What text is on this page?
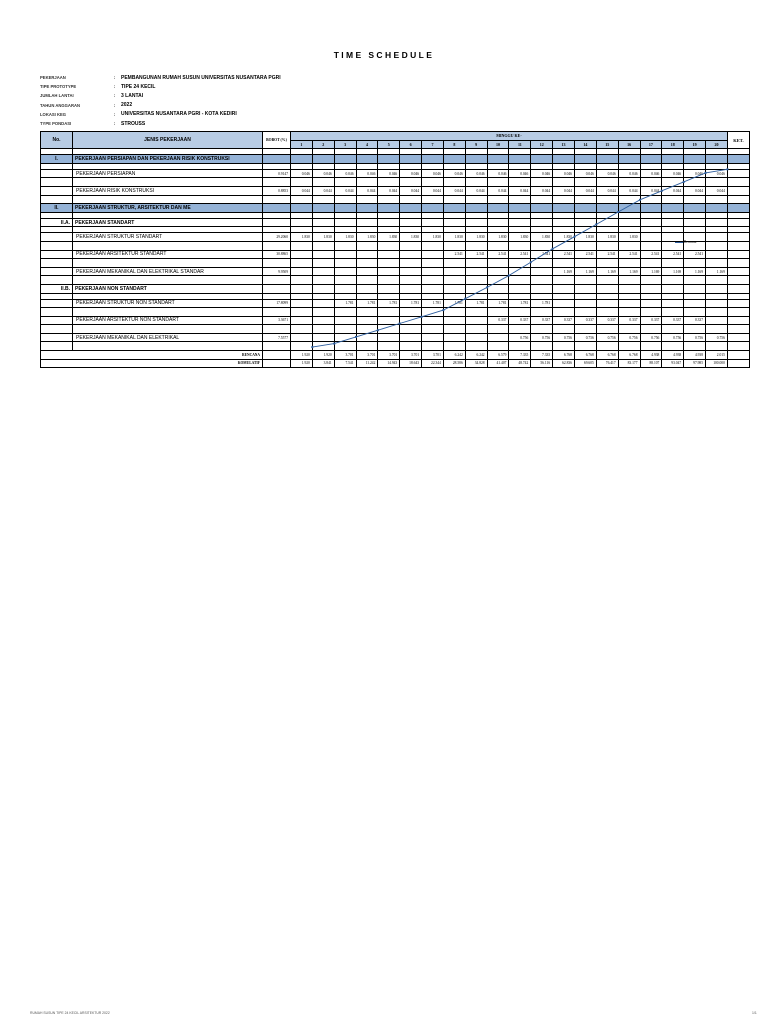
TIME SCHEDULE
PEKERJAAN	:	PEMBANGUNAN RUMAH SUSUN UNIVERSITAS NUSANTARA PGRI
TIPE PROTOTYPE	:	TIPE 24 KECIL
JUMLAH LANTAI	:	3 LANTAI
TAHUN ANGGARAN	:	2022
LOKASI KEG	:	UNIVERSITAS NUSANTARA PGRI - KOTA KEDIRI
TYPE PONDASI	:	STROUSS
No.	JENIS PEKERJAAN	BOBOT (%)	MINGGU KE-																				KET.
			1	2	3	4	5	6	7	8	9	10	11	12	13	14	15	16	17	18	19	20	

I.	PEKERJAAN PERSIAPAN DAN PEKERJAAN RISIK KONSTRUKSI																						

	PEKERJAAN PERSIAPAN	0.9147	0.046	0.046	0.046	0.046	0.046	0.046	0.046	0.046	0.046	0.046	0.046	0.046	0.046	0.046	0.046	0.046	0.046	0.046	0.046	0.046	

	PEKERJAAN RISIK KONSTRUKSI	0.8853	0.044	0.044	0.044	0.044	0.044	0.044	0.044	0.044	0.044	0.044	0.044	0.044	0.044	0.044	0.044	0.044	0.044	0.044	0.044	0.044	

II.	PEKERJAAN STRUKTUR, ARSITEKTUR DAN ME																						

II.A.	PEKERJAAN STANDART																						

	PEKERJAAN STRUKTUR STANDART	29.2060	1.830	1.830	1.830	1.830	1.830	1.830	1.830	1.830	1.830	1.830	1.830	1.830	1.830	1.830	1.830	1.830					

	PEKERJAAN ARSITEKTUR STANDART	30.8865								2.541	2.541	2.541	2.541	2.541	2.541	2.541	2.541	2.541	2.541	2.541	2.541		

	PEKERJAAN MEKANIKAL DAN ELEKTRIKAL STANDAR	9.9509													1.169	1.169	1.169	1.169	1.169	1.169	1.169	1.169	

II.B.	PEKERJAAN NON STANDART																						

	PEKERJAAN STRUKTUR NON STANDART	17.8099			1.781	1.781	1.781	1.781	1.781	1.781	1.781	1.781	1.781	1.781									

	PEKERJAAN ARSITEKTUR NON STANDART	3.3671										0.337	0.337	0.337	0.337	0.337	0.337	0.337	0.337	0.337	0.337		

	PEKERJAAN MEKANIKAL DAN ELEKTRIKAL	7.5577											0.756	0.756	0.756	0.756	0.756	0.756	0.756	0.756	0.756	0.756	

RENCANA			1.920	1.920	3.701	3.701	3.701	3.701	3.701	6.242	6.242	6.579	7.335	7.335	6.768	6.768	6.768	6.768	4.938	4.938	4.938	2.015	
KOMULATIF			1.920	3.841	7.541	11.242	14.943	18.643	22.344	28.586	34.828	41.407	48.742	56.116	62.836	69.605	76.417	83.177	88.107	93.047	97.985	100.000	
Rencana
RUMAH SUSUN TIPE 24 KECIL ARSITEKTUR 2022	1/1
